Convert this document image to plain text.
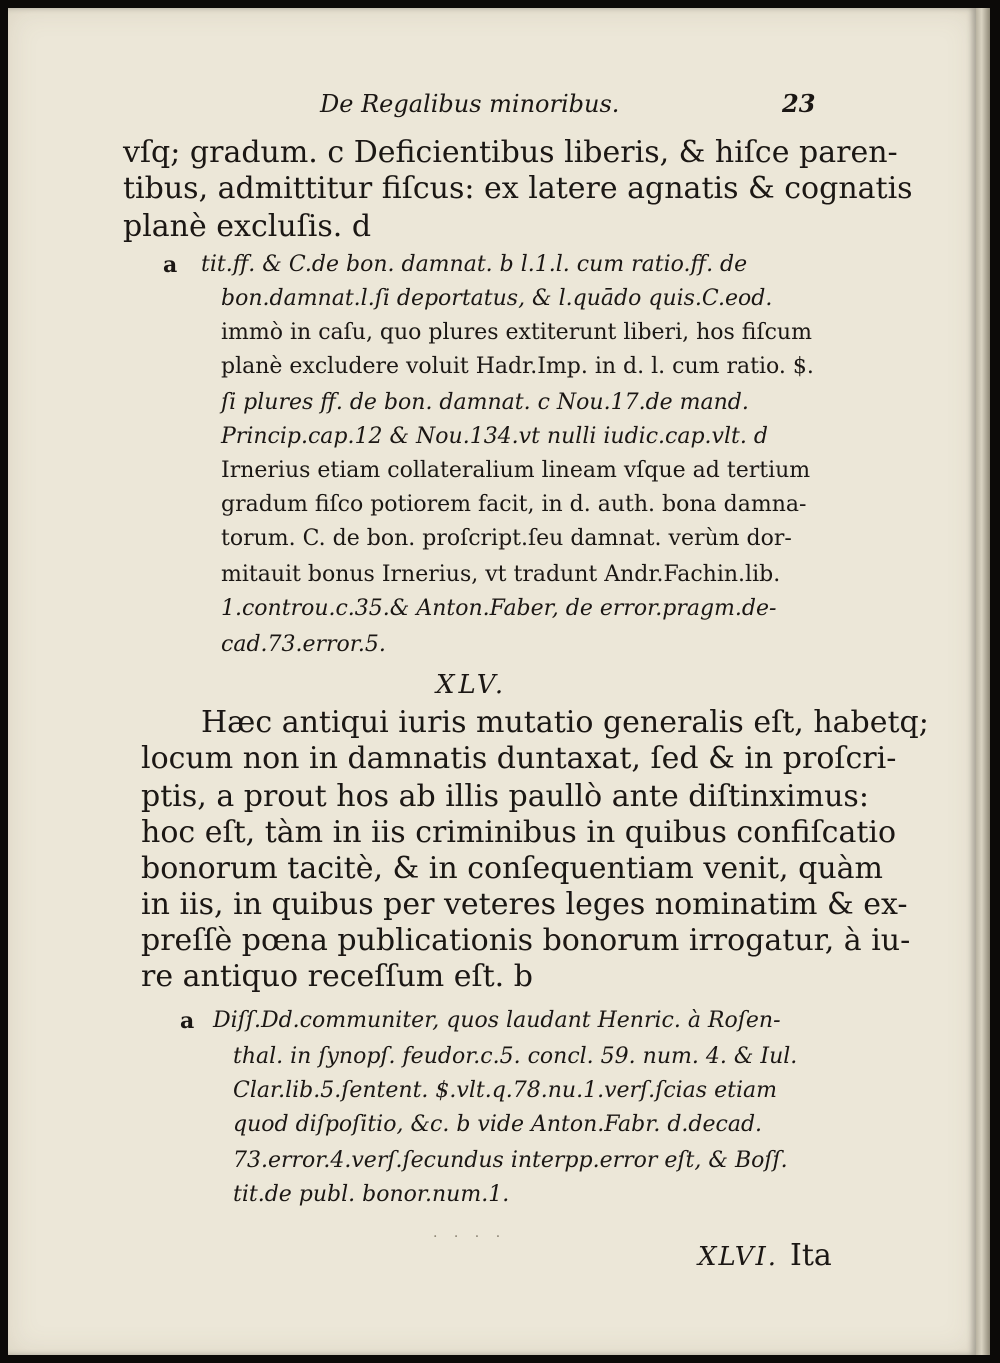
De Regalibus minoribus.	23
vſq; gradum. c Deficientibus liberis, & hiſce paren-
tibus, admittitur fiſcus: ex latere agnatis & cognatis
planè excluſis. d
a tit.ff. & C.de bon. damnat. b l.1.l. cum ratio.ff. de
bon.damnat.l.ſi deportatus, & l.quādo quis.C.eod.
immò in caſu, quo plures extiterunt liberi, hos fiſcum
planè excludere voluit Hadr.Imp. in d. l. cum ratio. $.
ſi plures ff. de bon. damnat. c Nou.17.de mand.
Princip.cap.12 & Nou.134.vt nulli iudic.cap.vlt. d
Irnerius etiam collateralium lineam vſque ad tertium
gradum fiſco potiorem facit, in d. auth. bona damna-
torum. C. de bon. proſcript.ſeu damnat. verùm dor-
mitauit bonus Irnerius, vt tradunt Andr.Fachin.lib.
1.controu.c.35.& Anton.Faber, de error.pragm.de-
cad.73.error.5.
XLV.
Hæc antiqui iuris mutatio generalis eſt, habetq;
locum non in damnatis duntaxat, ſed & in proſcri-
ptis, a prout hos ab illis paullò ante diſtinximus:
hoc eſt, tàm in iis criminibus in quibus confiſcatio
bonorum tacitè, & in conſequentiam venit, quàm
in iis, in quibus per veteres leges nominatim & ex-
preſſè pœna publicationis bonorum irrogatur, à iu-
re antiquo receſſum eſt. b
a Diſſ.Dd.communiter, quos laudant Henric. à Roſen-
thal. in ſynopſ. feudor.c.5. concl. 59. num. 4. & Iul.
Clar.lib.5.ſentent. $.vlt.q.78.nu.1.verſ.ſcias etiam
quod diſpoſitio, &c. b vide Anton.Fabr. d.decad.
73.error.4.verſ.ſecundus interpp.error eſt, & Boſſ.
tit.de publ. bonor.num.1.
· · · ·
XLVI. Ita
